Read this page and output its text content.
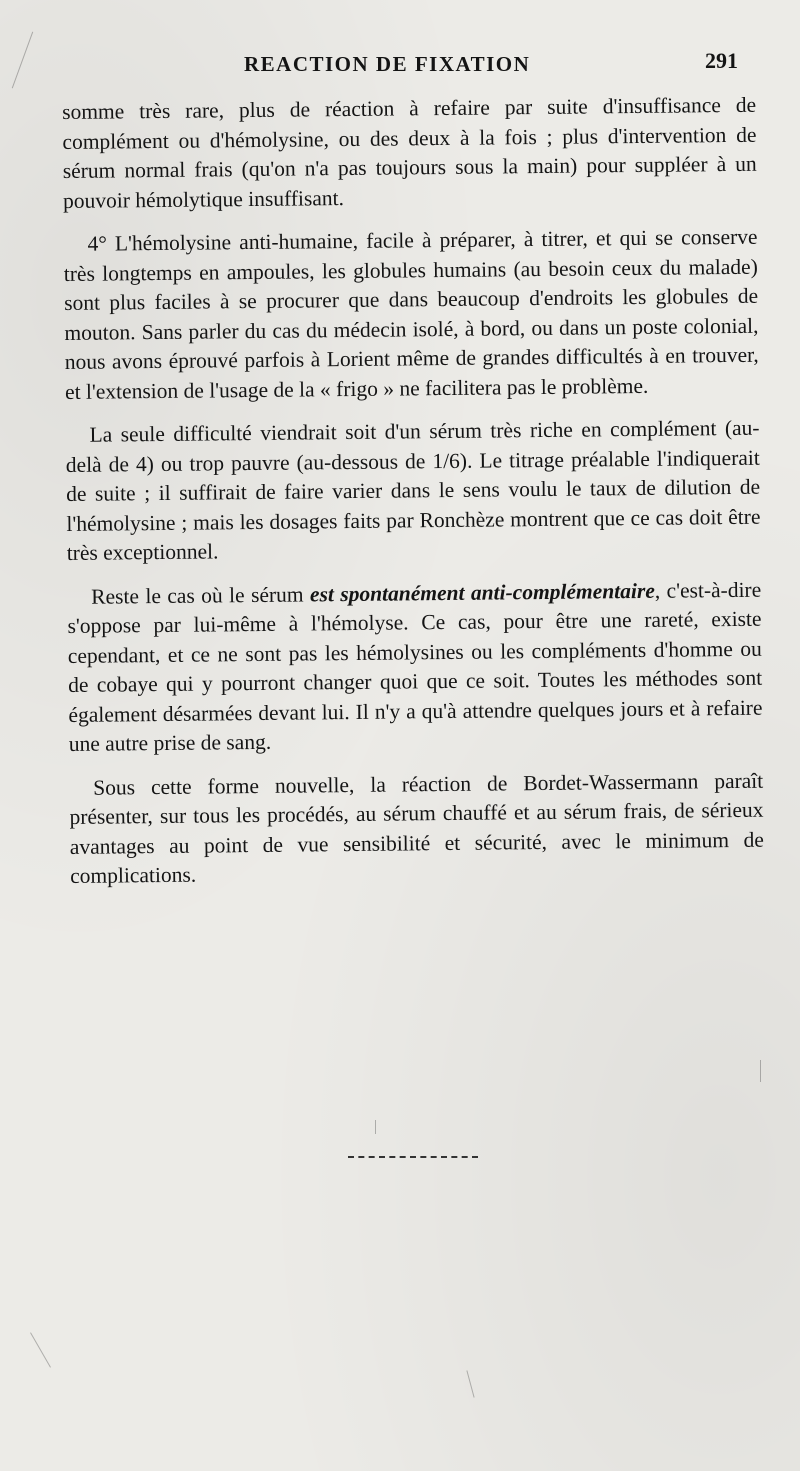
REACTION DE FIXATION	291

somme très rare, plus de réaction à refaire par suite d'insuffisance de complément ou d'hémolysine, ou des deux à la fois ; plus d'intervention de sérum normal frais (qu'on n'a pas toujours sous la main) pour suppléer à un pouvoir hémolytique insuffisant.

4° L'hémolysine anti-humaine, facile à préparer, à titrer, et qui se conserve très longtemps en ampoules, les globules humains (au besoin ceux du malade) sont plus faciles à se procurer que dans beaucoup d'endroits les globules de mouton. Sans parler du cas du médecin isolé, à bord, ou dans un poste colonial, nous avons éprouvé parfois à Lorient même de grandes difficultés à en trouver, et l'extension de l'usage de la « frigo » ne facilitera pas le problème.

La seule difficulté viendrait soit d'un sérum très riche en complément (au-delà de 4) ou trop pauvre (au-dessous de 1/6). Le titrage préalable l'indiquerait de suite ; il suffirait de faire varier dans le sens voulu le taux de dilution de l'hémolysine ; mais les dosages faits par Ronchèze montrent que ce cas doit être très exceptionnel.

Reste le cas où le sérum est spontanément anti-complémentaire, c'est-à-dire s'oppose par lui-même à l'hémolyse. Ce cas, pour être une rareté, existe cependant, et ce ne sont pas les hémolysines ou les compléments d'homme ou de cobaye qui y pourront changer quoi que ce soit. Toutes les méthodes sont également désarmées devant lui. Il n'y a qu'à attendre quelques jours et à refaire une autre prise de sang.

Sous cette forme nouvelle, la réaction de Bordet-Wassermann paraît présenter, sur tous les procédés, au sérum chauffé et au sérum frais, de sérieux avantages au point de vue sensibilité et sécurité, avec le minimum de complications.
